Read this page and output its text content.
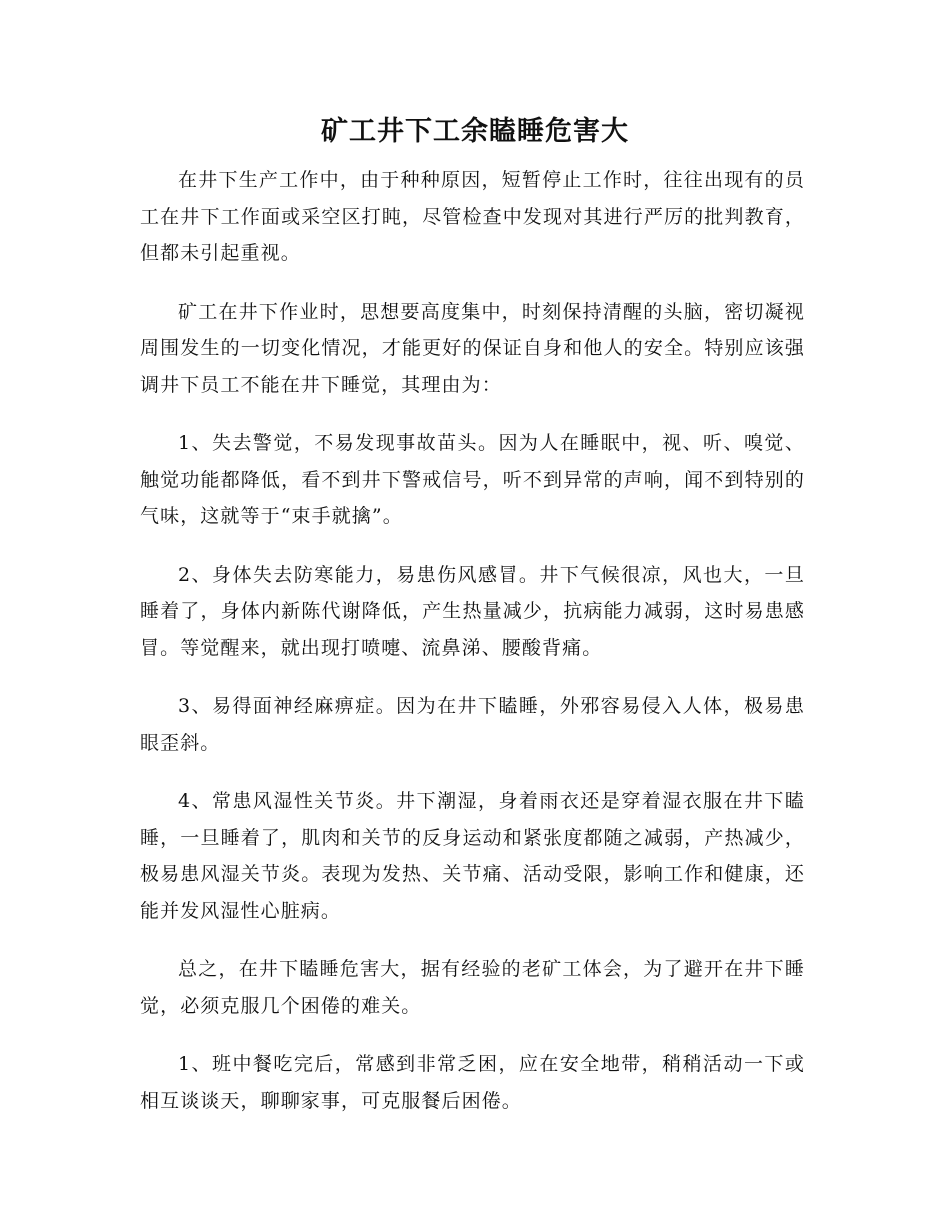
矿工井下工余瞌睡危害大

在井下生产工作中，由于种种原因，短暂停止工作时，往往出现有的员工在井下工作面或采空区打盹，尽管检查中发现对其进行严厉的批判教育，但都未引起重视。

矿工在井下作业时，思想要高度集中，时刻保持清醒的头脑，密切凝视周围发生的一切变化情况，才能更好的保证自身和他人的安全。特别应该强调井下员工不能在井下睡觉，其理由为：

1、失去警觉，不易发现事故苗头。因为人在睡眠中，视、听、嗅觉、触觉功能都降低，看不到井下警戒信号，听不到异常的声响，闻不到特别的气味，这就等于“束手就擒”。

2、身体失去防寒能力，易患伤风感冒。井下气候很凉，风也大，一旦睡着了，身体内新陈代谢降低，产生热量减少，抗病能力减弱，这时易患感冒。等觉醒来，就出现打喷嚏、流鼻涕、腰酸背痛。

3、易得面神经麻痹症。因为在井下瞌睡，外邪容易侵入人体，极易患眼歪斜。

4、常患风湿性关节炎。井下潮湿，身着雨衣还是穿着湿衣服在井下瞌睡，一旦睡着了，肌肉和关节的反身运动和紧张度都随之减弱，产热减少，极易患风湿关节炎。表现为发热、关节痛、活动受限，影响工作和健康，还能并发风湿性心脏病。

总之，在井下瞌睡危害大，据有经验的老矿工体会，为了避开在井下睡觉，必须克服几个困倦的难关。

1、班中餐吃完后，常感到非常乏困，应在安全地带，稍稍活动一下或相互谈谈天，聊聊家事，可克服餐后困倦。
